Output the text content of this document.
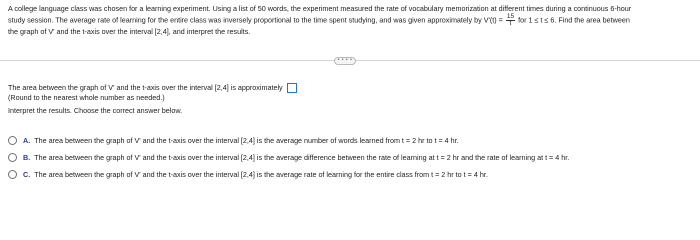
A college language class was chosen for a learning experiment. Using a list of 50 words, the experiment measured the rate of vocabulary memorization at different times during a continuous 6-hour

study session. The average rate of learning for the entire class was inversely proportional to the time spent studying, and was given approximately by $V'(t) = \frac{15}{t}$ for 1 ≤ t ≤ 6. Find the area between

the graph of V' and the t-axis over the interval [2,4], and interpret the results.

• • • •
The area between the graph of V' and the t-axis over the interval [2,4] is approximately
(Round to the nearest whole number as needed.)
Interpret the results. Choose the correct answer below.
A. The area between the graph of V' and the t-axis over the interval [2,4] is the average number of words learned from t = 2 hr to t = 4 hr.
B. The area between the graph of V' and the t-axis over the interval [2,4] is the average difference between the rate of learning at t = 2 hr and the rate of learning at t = 4 hr.
C. The area between the graph of V' and the t-axis over the interval [2,4] is the average rate of learning for the entire class from t = 2 hr to t = 4 hr.
